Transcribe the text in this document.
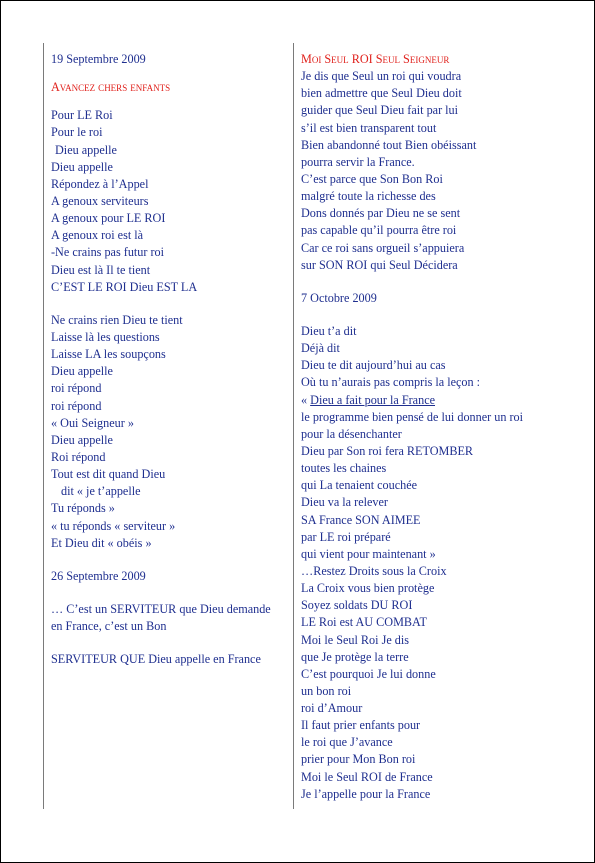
19 Septembre 2009
Avancez chers enfants
Pour LE Roi
Pour le roi
Dieu appelle
Dieu appelle
Répondez à l’Appel
A genoux serviteurs
A genoux pour LE ROI
A genoux roi est là
-Ne crains pas futur roi
Dieu est là Il te tient
C’EST LE ROI Dieu EST LA
Ne crains rien Dieu te tient
Laisse là les questions
Laisse LA les soupçons
Dieu appelle
roi répond
roi répond
« Oui Seigneur »
Dieu appelle
Roi répond
Tout est dit quand Dieu
dit « je t’appelle
Tu réponds »
« tu réponds « serviteur »
Et Dieu dit « obéis »
26 Septembre 2009
… C’est un SERVITEUR que Dieu demande
en France, c’est un Bon
SERVITEUR QUE Dieu appelle en France
Moi Seul ROI Seul Seigneur
Je dis que Seul un roi qui voudra
bien admettre que Seul Dieu doit
guider que Seul Dieu fait par lui
s’il est bien transparent tout
Bien abandonné tout Bien obéissant
pourra servir la France.
C’est parce que Son Bon Roi
malgré toute la richesse des
Dons donnés par Dieu ne se sent
pas capable qu’il pourra être roi
Car ce roi sans orgueil s’appuiera
sur SON ROI qui Seul Décidera
7 Octobre 2009
Dieu t’a dit
Déjà dit
Dieu te dit aujourd’hui au cas
Où tu n’aurais pas compris la leçon :
« Dieu a fait pour la France
le programme bien pensé de lui donner un roi
pour la désenchanter
Dieu par Son roi fera RETOMBER
toutes les chaines
qui La tenaient couchée
Dieu va la relever
SA France SON AIMEE
par LE roi préparé
qui vient pour maintenant »
…Restez Droits sous la Croix
La Croix vous bien protège
Soyez soldats DU ROI
LE Roi est AU COMBAT
Moi le Seul Roi Je dis
que Je protège la terre
C’est pourquoi Je lui donne
un bon roi
roi d’Amour
Il faut prier enfants pour
le roi que J’avance
prier pour Mon Bon roi
Moi le Seul ROI de France
Je l’appelle pour la France
